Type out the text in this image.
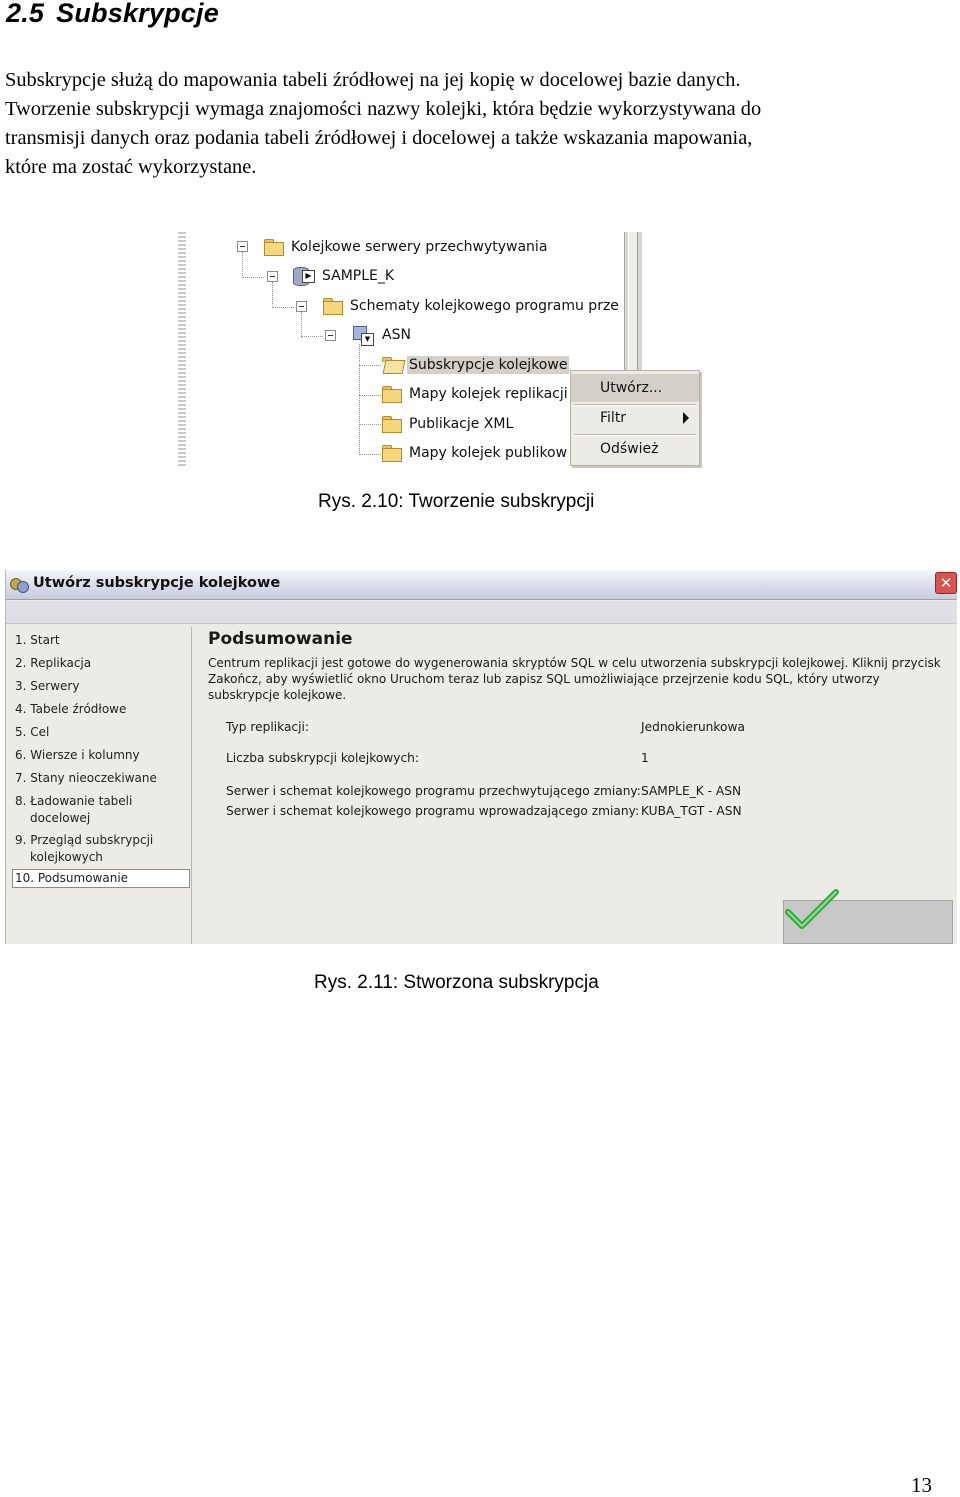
2.5 Subskrypcje
Subskrypcje służą do mapowania tabeli źródłowej na jej kopię w docelowej bazie danych.
Tworzenie subskrypcji wymaga znajomości nazwy kolejki, która będzie wykorzystywana do
transmisji danych oraz podania tabeli źródłowej i docelowej a także wskazania mapowania,
które ma zostać wykorzystane.
Kolejkowe serwery przechwytywania
▶
SAMPLE_K
Schematy kolejkowego programu prze
▼
ASN
Subskrypcje kolejkowe
Mapy kolejek replikacji
Publikacje XML
Mapy kolejek publikow
Utwórz...
Filtr
Odśwież
Rys. 2.10: Tworzenie subskrypcji
Utwórz subskrypcje kolejkowe	✕
1. Start
2. Replikacja
3. Serwery
4. Tabele źródłowe
5. Cel
6. Wiersze i kolumny
7. Stany nieoczekiwane
8. Ładowanie tabeli
docelowej
9. Przegląd subskrypcji
kolejkowych
10. Podsumowanie
Podsumowanie
Centrum replikacji jest gotowe do wygenerowania skryptów SQL w celu utworzenia subskrypcji kolejkowej. Kliknij przycisk
Zakończ, aby wyświetlić okno Uruchom teraz lub zapisz SQL umożliwiające przejrzenie kodu SQL, który utworzy
subskrypcje kolejkowe.
Typ replikacji:	Jednokierunkowa
Liczba subskrypcji kolejkowych:	1
Serwer i schemat kolejkowego programu przechwytującego zmiany: SAMPLE_K - ASN
Serwer i schemat kolejkowego programu wprowadzającego zmiany: KUBA_TGT - ASN
Rys. 2.11: Stworzona subskrypcja
13
